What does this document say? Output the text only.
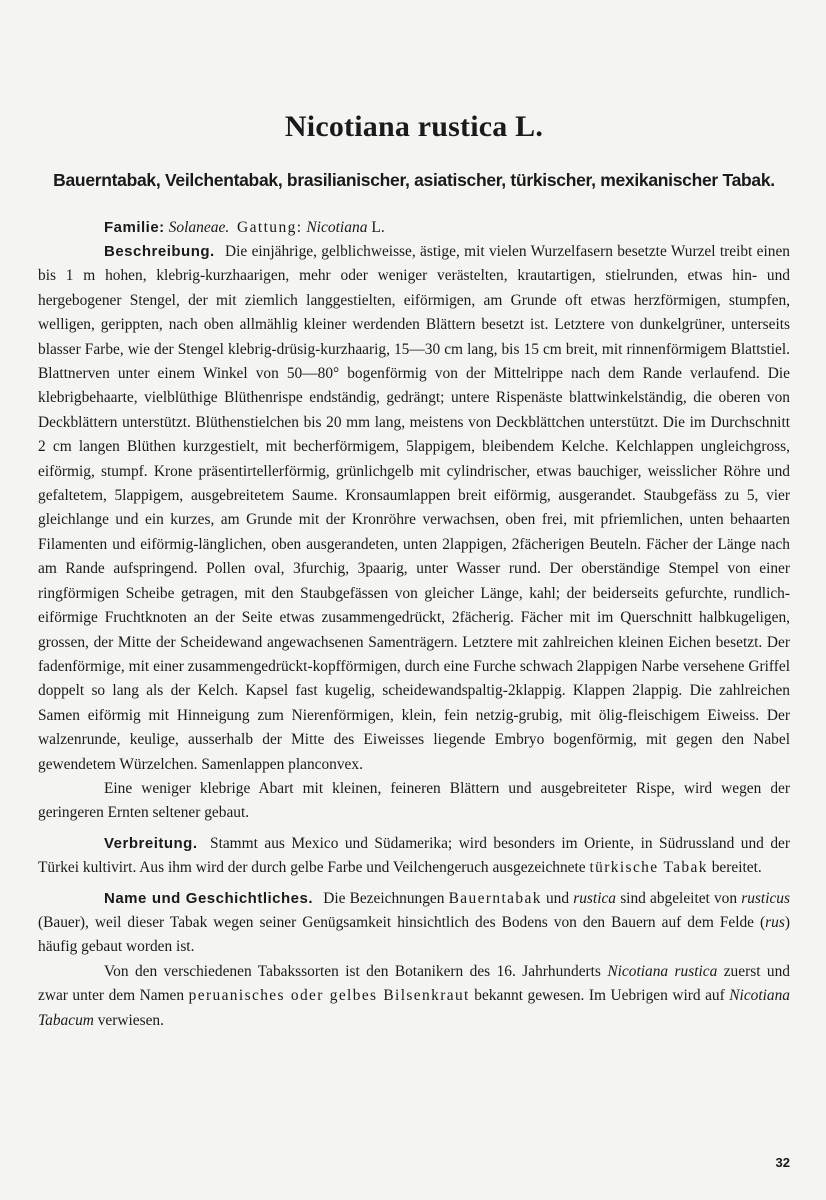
Nicotiana rustica L.
Bauerntabak, Veilchentabak, brasilianischer, asiatischer, türkischer, mexikanischer Tabak.
Familie: Solaneae. Gattung: Nicotiana L.

Beschreibung. Die einjährige, gelblichweisse, ästige, mit vielen Wurzelfasern besetzte Wurzel treibt einen bis 1 m hohen, klebrig-kurzhaarigen, mehr oder weniger verästelten, krautartigen, stielrunden, etwas hin- und hergebogener Stengel, der mit ziemlich langgestielten, eiförmigen, am Grunde oft etwas herzförmigen, stumpfen, welligen, gerippten, nach oben allmählig kleiner werdenden Blättern besetzt ist. Letztere von dunkelgrüner, unterseits blasser Farbe, wie der Stengel klebrig-drüsig-kurzhaarig, 15—30 cm lang, bis 15 cm breit, mit rinnenförmigem Blattstiel. Blattnerven unter einem Winkel von 50—80° bogenförmig von der Mittelrippe nach dem Rande verlaufend. Die klebrigbehaarte, vielblüthige Blüthenrispe endständig, gedrängt; untere Rispenäste blattwinkelständig, die oberen von Deckblättern unterstützt. Blüthenstielchen bis 20 mm lang, meistens von Deckblättchen unterstützt. Die im Durchschnitt 2 cm langen Blüthen kurzgestielt, mit becherförmigem, 5lappigem, bleibendem Kelche. Kelchlappen ungleichgross, eiförmig, stumpf. Krone präsentirtellerförmig, grünlichgelb mit cylindrischer, etwas bauchiger, weisslicher Röhre und gefaltetem, 5lappigem, ausgebreitetem Saume. Kronsaumlappen breit eiförmig, ausgerandet. Staubgefäss zu 5, vier gleichlange und ein kurzes, am Grunde mit der Kronröhre verwachsen, oben frei, mit pfriemlichen, unten behaarten Filamenten und eiförmig-länglichen, oben ausgerandeten, unten 2lappigen, 2fächerigen Beuteln. Fächer der Länge nach am Rande aufspringend. Pollen oval, 3furchig, 3paarig, unter Wasser rund. Der oberständige Stempel von einer ringförmigen Scheibe getragen, mit den Staubgefässen von gleicher Länge, kahl; der beiderseits gefurchte, rundlich-eiförmige Fruchtknoten an der Seite etwas zusammengedrückt, 2fächerig. Fächer mit im Querschnitt halbkugeligen, grossen, der Mitte der Scheidewand angewachsenen Samenträgern. Letztere mit zahlreichen kleinen Eichen besetzt. Der fadenförmige, mit einer zusammengedrückt-kopfförmigen, durch eine Furche schwach 2lappigen Narbe versehene Griffel doppelt so lang als der Kelch. Kapsel fast kugelig, scheidewandspaltig-2klappig. Klappen 2lappig. Die zahlreichen Samen eiförmig mit Hinneigung zum Nierenförmigen, klein, fein netzig-grubig, mit ölig-fleischigem Eiweiss. Der walzenrunde, keulige, ausserhalb der Mitte des Eiweisses liegende Embryo bogenförmig, mit gegen den Nabel gewendetem Würzelchen. Samenlappen planconvex.

Eine weniger klebrige Abart mit kleinen, feineren Blättern und ausgebreiteter Rispe, wird wegen der geringeren Ernten seltener gebaut.

Verbreitung. Stammt aus Mexico und Südamerika; wird besonders im Oriente, in Südrussland und der Türkei kultivirt. Aus ihm wird der durch gelbe Farbe und Veilchengeruch ausgezeichnete türkische Tabak bereitet.

Name und Geschichtliches. Die Bezeichnungen Bauerntabak und rustica sind abgeleitet von rusticus (Bauer), weil dieser Tabak wegen seiner Genügsamkeit hinsichtlich des Bodens von den Bauern auf dem Felde (rus) häufig gebaut worden ist.

Von den verschiedenen Tabakssorten ist den Botanikern des 16. Jahrhunderts Nicotiana rustica zuerst und zwar unter dem Namen peruanisches oder gelbes Bilsenkraut bekannt gewesen. Im Uebrigen wird auf Nicotiana Tabacum verwiesen.

32
